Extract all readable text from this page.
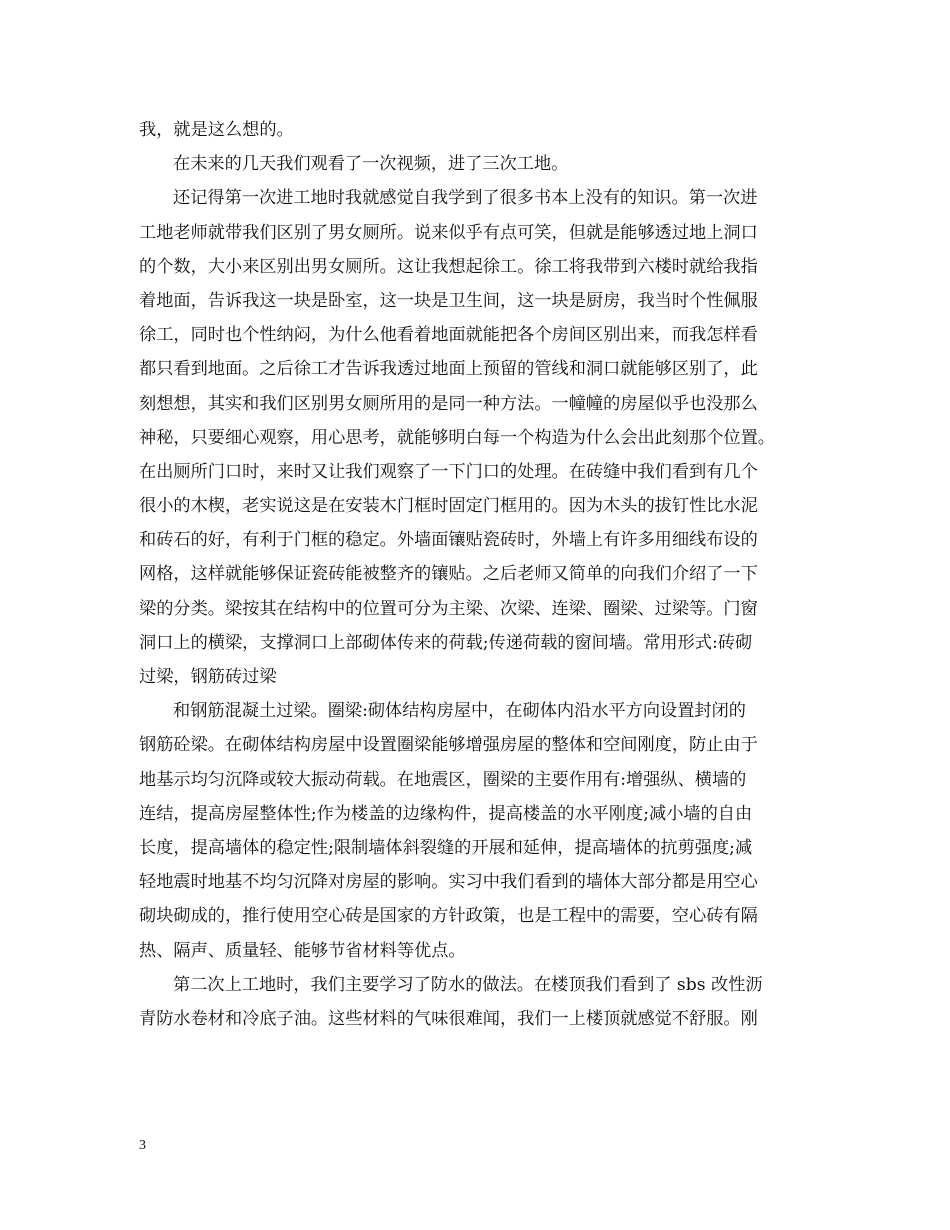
我，就是这么想的。
在未来的几天我们观看了一次视频，进了三次工地。
还记得第一次进工地时我就感觉自我学到了很多书本上没有的知识。第一次进
工地老师就带我们区别了男女厕所。说来似乎有点可笑，但就是能够透过地上洞口
的个数，大小来区别出男女厕所。这让我想起徐工。徐工将我带到六楼时就给我指
着地面，告诉我这一块是卧室，这一块是卫生间，这一块是厨房，我当时个性佩服
徐工，同时也个性纳闷，为什么他看着地面就能把各个房间区别出来，而我怎样看
都只看到地面。之后徐工才告诉我透过地面上预留的管线和洞口就能够区别了，此
刻想想，其实和我们区别男女厕所用的是同一种方法。一幢幢的房屋似乎也没那么
神秘，只要细心观察，用心思考，就能够明白每一个构造为什么会出此刻那个位置。
在出厕所门口时，来时又让我们观察了一下门口的处理。在砖缝中我们看到有几个
很小的木楔，老实说这是在安装木门框时固定门框用的。因为木头的拔钉性比水泥
和砖石的好，有利于门框的稳定。外墙面镶贴瓷砖时，外墙上有许多用细线布设的
网格，这样就能够保证瓷砖能被整齐的镶贴。之后老师又简单的向我们介绍了一下
梁的分类。梁按其在结构中的位置可分为主梁、次梁、连梁、圈梁、过梁等。门窗
洞口上的横梁，支撑洞口上部砌体传来的荷载;传递荷载的窗间墙。常用形式:砖砌
过梁，钢筋砖过梁
和钢筋混凝土过梁。圈梁:砌体结构房屋中，在砌体内沿水平方向设置封闭的
钢筋砼梁。在砌体结构房屋中设置圈梁能够增强房屋的整体和空间刚度，防止由于
地基示均匀沉降或较大振动荷载。在地震区，圈梁的主要作用有:增强纵、横墙的
连结，提高房屋整体性;作为楼盖的边缘构件，提高楼盖的水平刚度;减小墙的自由
长度，提高墙体的稳定性;限制墙体斜裂缝的开展和延伸，提高墙体的抗剪强度;减
轻地震时地基不均匀沉降对房屋的影响。实习中我们看到的墙体大部分都是用空心
砌块砌成的，推行使用空心砖是国家的方针政策，也是工程中的需要，空心砖有隔
热、隔声、质量轻、能够节省材料等优点。
第二次上工地时，我们主要学习了防水的做法。在楼顶我们看到了 sbs 改性沥
青防水卷材和冷底子油。这些材料的气味很难闻，我们一上楼顶就感觉不舒服。刚
3
